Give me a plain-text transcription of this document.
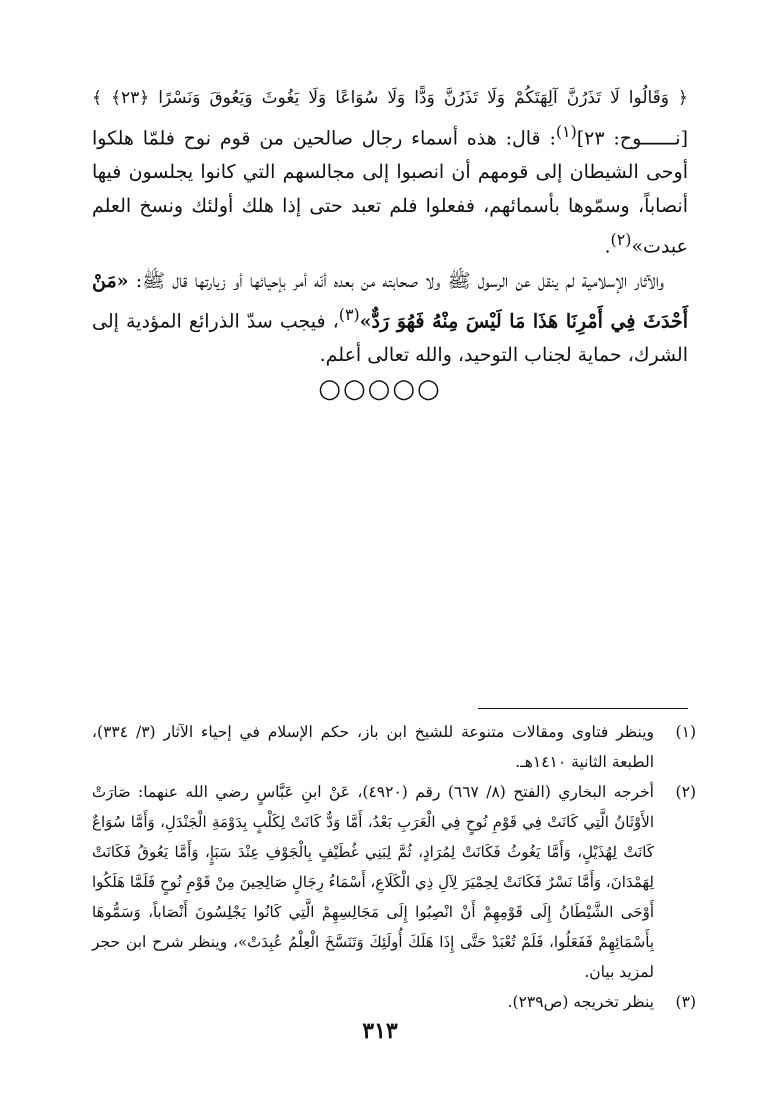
﴿ وَقَالُوا لَا تَذَرُنَّ آلِهَتَكُمْ وَلَا تَذَرُنَّ وَدًّا وَلَا سُوَاعًا وَلَا يَغُوثَ وَيَعُوقَ وَنَسْرًا ﴿٢٣﴾ ﴾ [نــــــوح: ٢٣]$^{(١)}$: قال: هذه أسماء رجال صالحين من قوم نوح فلمّا هلكوا أوحى الشيطان إلى قومهم أن انصبوا إلى مجالسهم التي كانوا يجلسون فيها أنصاباً، وسمّوها بأسمائهم، ففعلوا فلم تعبد حتى إذا هلك أولئك ونسخ العلم عبدت»$^{(٢)}$.

والآثار الإسلامية لم ينقل عن الرسول ﷺ ولا صحابته من بعده أنّه أمر بإحيائها أو زيارتها قال ﷺ: «مَنْ أَحْدَثَ فِي أَمْرِنَا هَذَا مَا لَيْسَ مِنْهُ فَهُوَ رَدٌّ»$^{(٣)}$، فيجب سدّ الذرائع المؤدية إلى الشرك، حماية لجناب التوحيد، والله تعالى أعلم.

○○○○○
(١)
وينظر فتاوى ومقالات متنوعة للشيخ ابن باز، حكم الإسلام في إحياء الآثار (٣/ ٣٣٤)، الطبعة الثانية ١٤١٠هـ.
(٢)
أخرجه البخاري (الفتح (٨/ ٦٦٧) رقم (٤٩٢٠)، عَنْ ابنِ عَبَّاسٍ رضي الله عنهما: صَارَتْ الأَوْثَانُ الَّتِي كَانَتْ فِي قَوْمِ نُوحٍ فِي الْعَرَبِ بَعْدُ، أَمَّا وَدٌّ كَانَتْ لِكَلْبٍ بِدَوْمَةِ الْجَنْدَلِ، وَأَمَّا سُوَاعٌ كَانَتْ لِهُذَيْلٍ، وَأَمَّا يَغُوثُ فَكَانَتْ لِمُرَادٍ، ثُمَّ لِبَنِي غُطَيْفٍ بِالْجَوْفِ عِنْدَ سَبَإٍ، وَأَمَّا يَعُوقُ فَكَانَتْ لِهَمْدَانَ، وَأَمَّا نَسْرٌ فَكَانَتْ لِحِمْيَرَ لِآلِ ذِي الْكَلَاعِ، أَسْمَاءُ رِجَالٍ صَالِحِينَ مِنْ قَوْمِ نُوحٍ فَلَمَّا هَلَكُوا أَوْحَى الشَّيْطَانُ إِلَى قَوْمِهِمْ أَنْ انْصِبُوا إِلَى مَجَالِسِهِمْ الَّتِي كَانُوا يَجْلِسُونَ أَنْصَاباً، وَسَمُّوهَا بِأَسْمَائِهِمْ فَفَعَلُوا، فَلَمْ تُعْبَدْ حَتَّى إِذَا هَلَكَ أُولَئِكَ وَتَنَسَّخَ الْعِلْمُ عُبِدَتْ»، وينظر شرح ابن حجر لمزيد بيان.
(٣)
ينظر تخريجه (ص٢٣٩).
٣١٣
